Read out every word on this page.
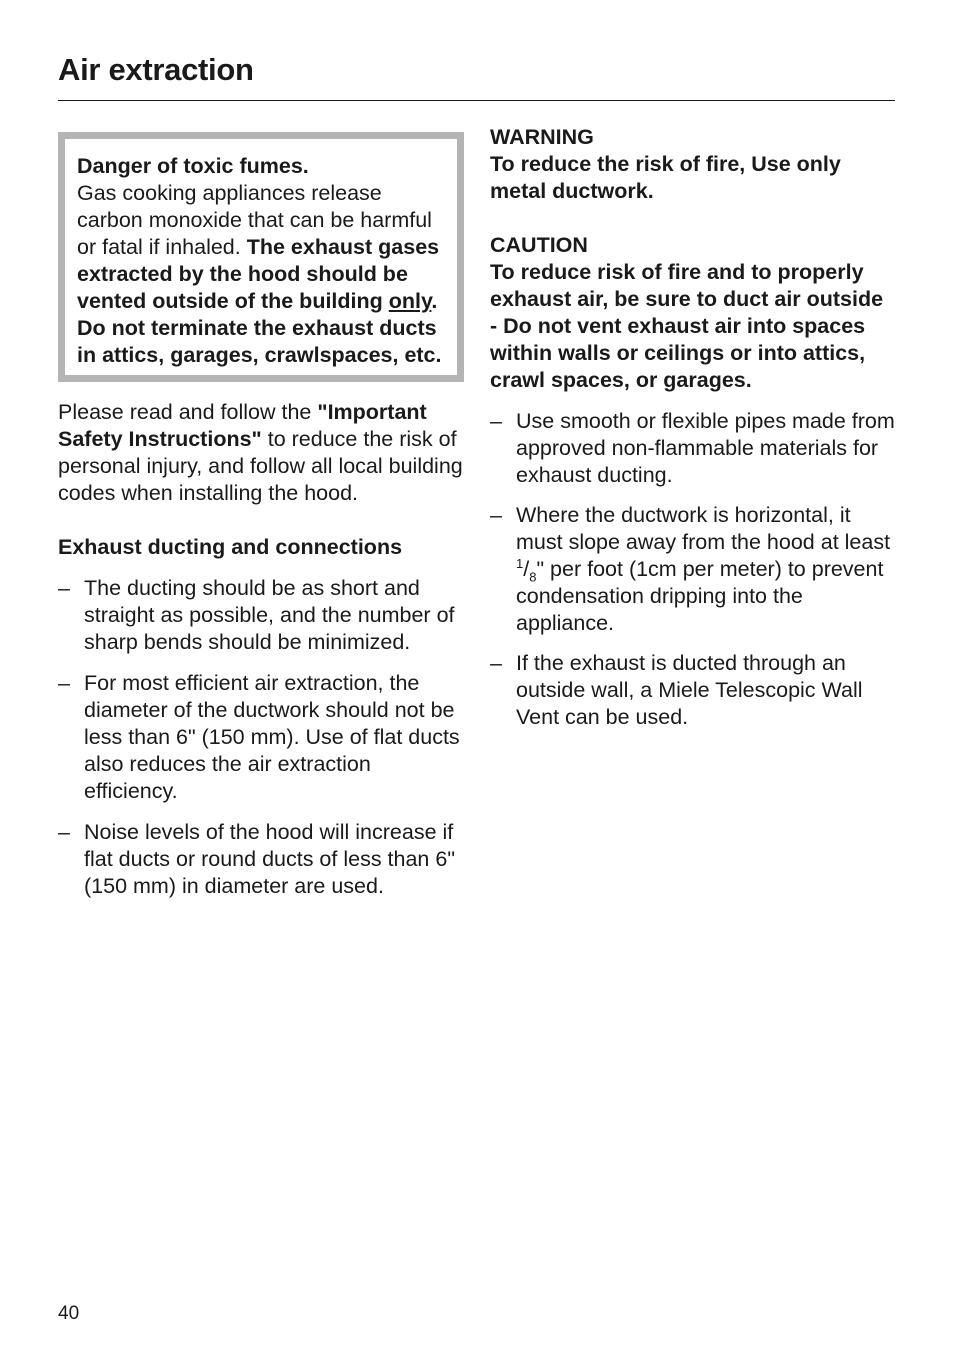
Air extraction

Danger of toxic fumes.

Gas cooking appliances release carbon monoxide that can be harmful or fatal if inhaled. The exhaust gases extracted by the hood should be vented outside of the building only.

Do not terminate the exhaust ducts in attics, garages, crawlspaces, etc.

Please read and follow the "Important Safety Instructions" to reduce the risk of personal injury, and follow all local building codes when installing the hood.

Exhaust ducting and connections

– The ducting should be as short and straight as possible, and the number of sharp bends should be minimized.
– For most efficient air extraction, the diameter of the ductwork should not be less than 6" (150 mm). Use of flat ducts also reduces the air extraction efficiency.
– Noise levels of the hood will increase if flat ducts or round ducts of less than 6" (150 mm) in diameter are used.

WARNING

To reduce the risk of fire, Use only metal ductwork.

CAUTION

To reduce risk of fire and to properly exhaust air, be sure to duct air outside - Do not vent exhaust air into spaces within walls or ceilings or into attics, crawl spaces, or garages.

– Use smooth or flexible pipes made from approved non-flammable materials for exhaust ducting.
– Where the ductwork is horizontal, it must slope away from the hood at least $^1/_8$" per foot (1cm per meter) to prevent condensation dripping into the appliance.
– If the exhaust is ducted through an outside wall, a Miele Telescopic Wall Vent can be used.

40
